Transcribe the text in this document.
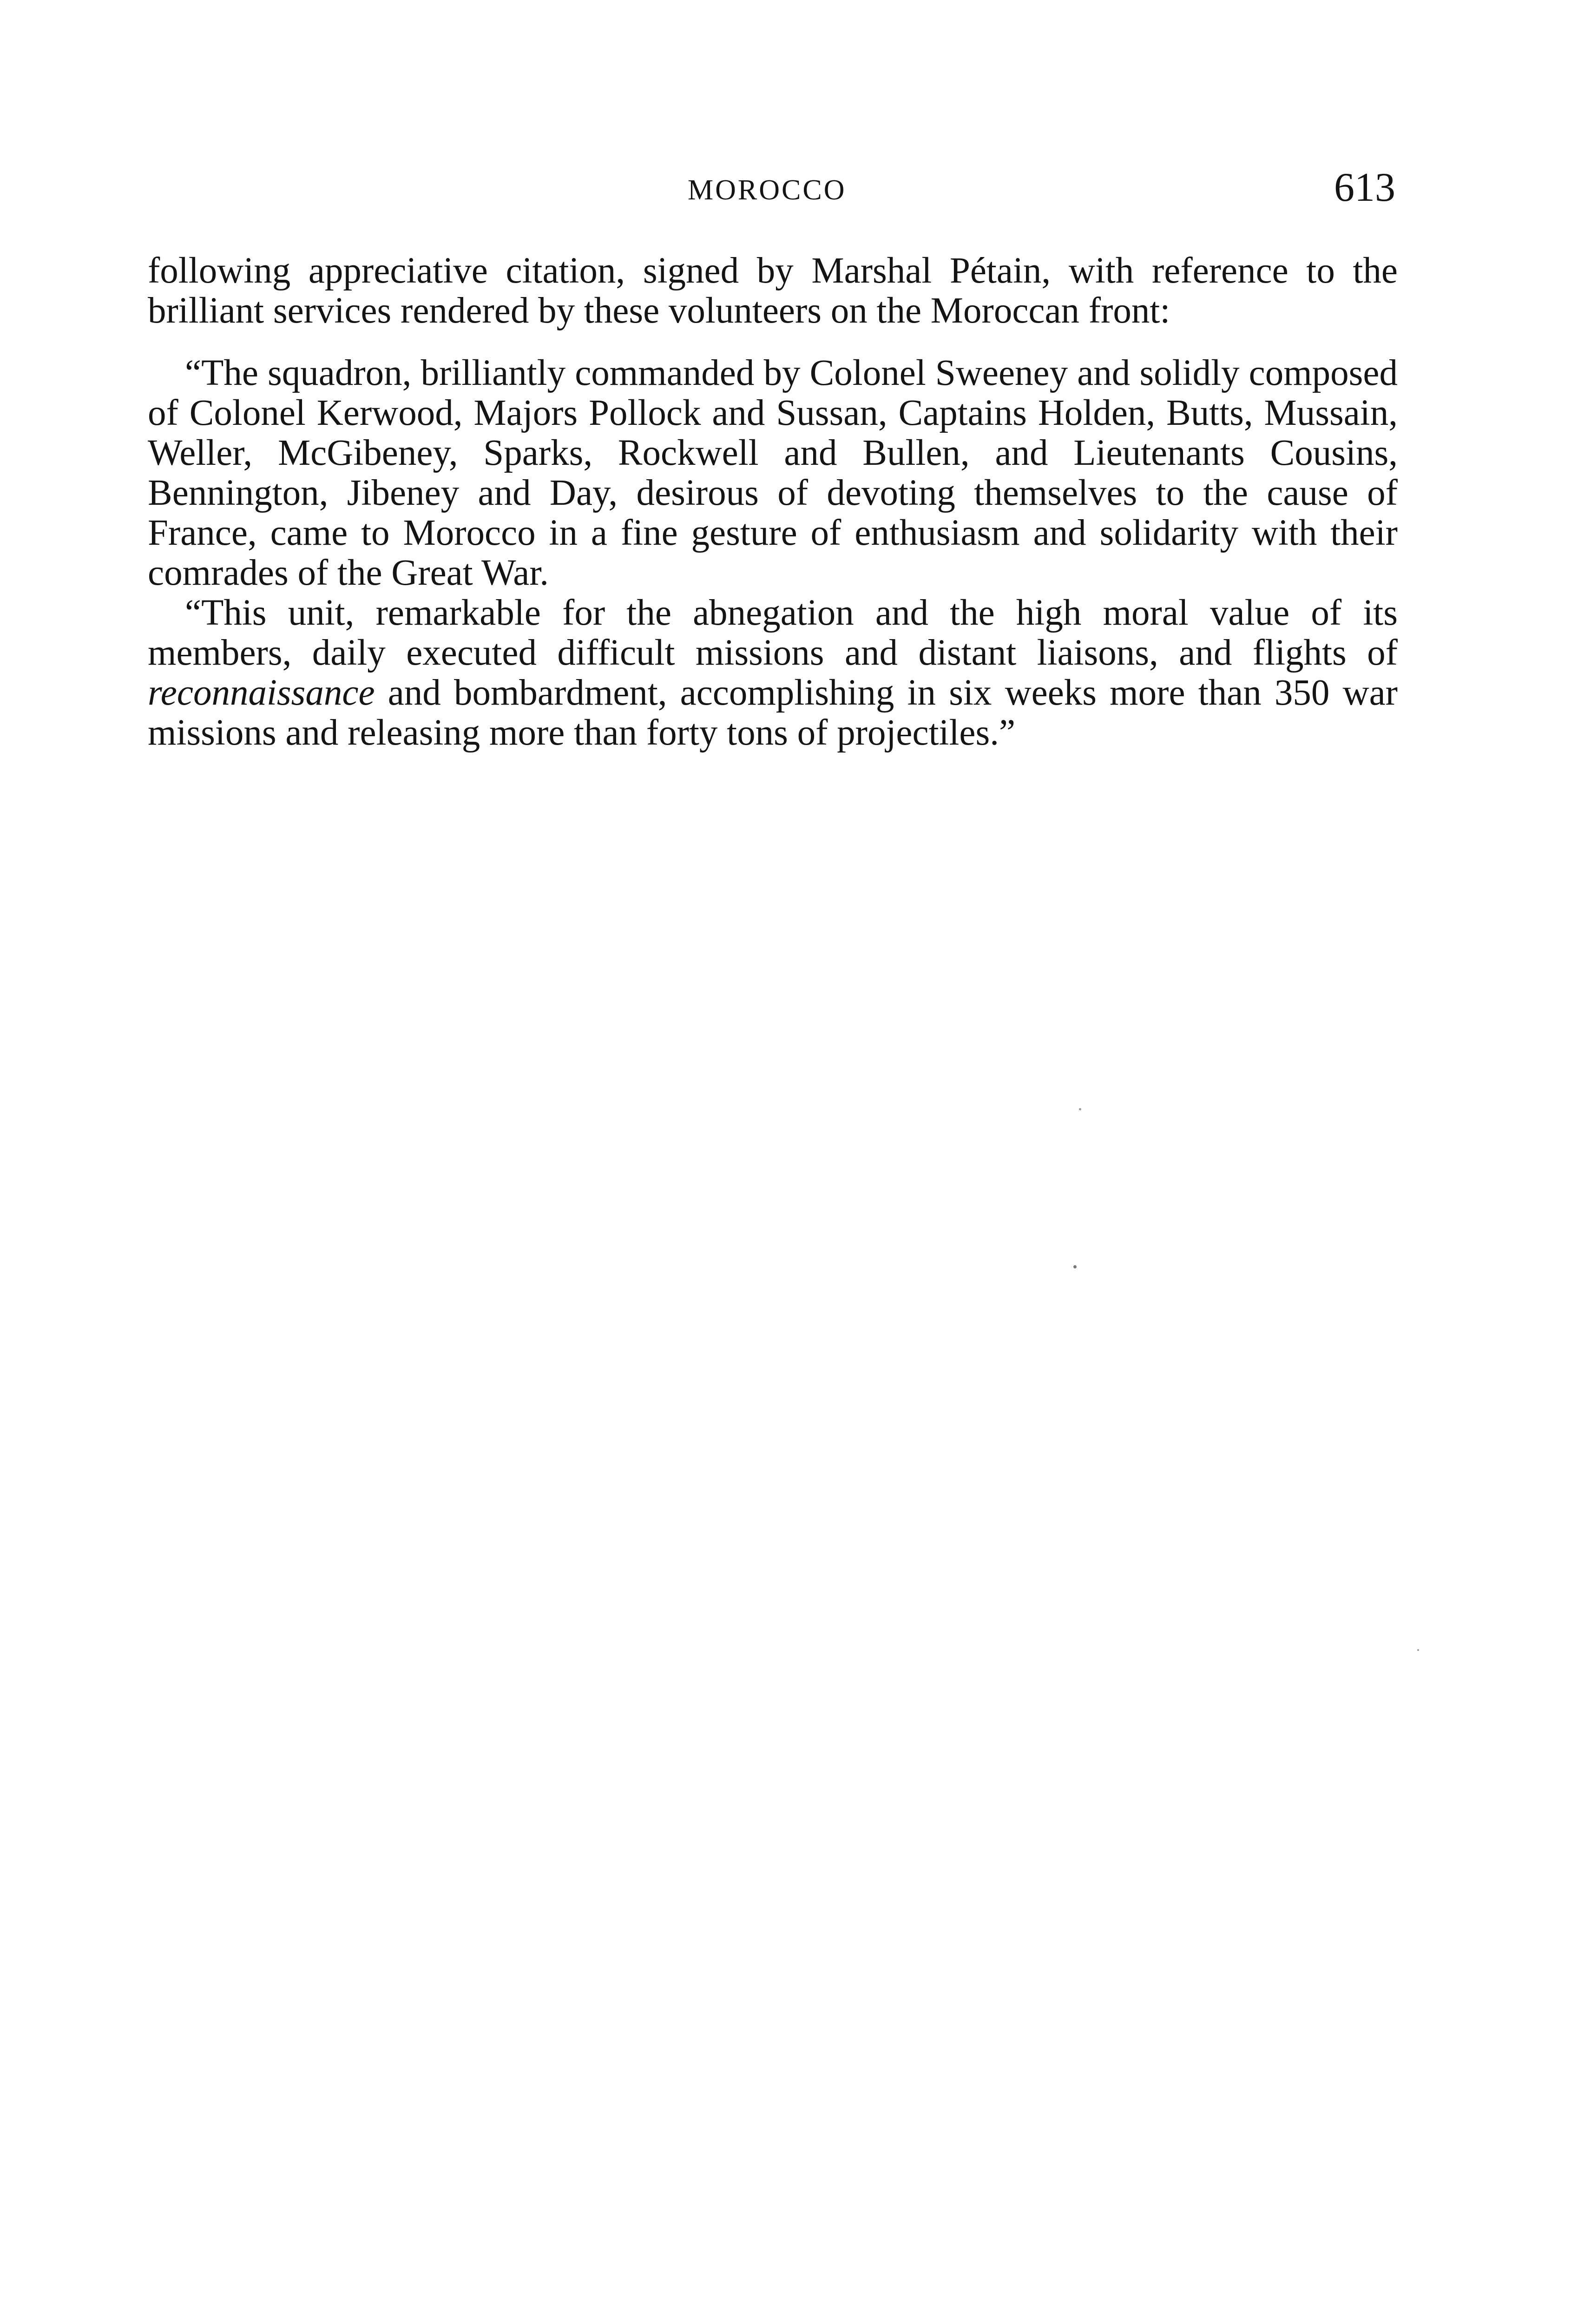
MOROCCO	613

following appreciative citation, signed by Marshal Pétain, with reference to the brilliant services rendered by these volunteers on the Moroccan front:

“The squadron, brilliantly commanded by Colonel Sweeney and solidly composed of Colonel Kerwood, Majors Pollock and Sussan, Captains Holden, Butts, Mussain, Weller, McGibeney, Sparks, Rockwell and Bullen, and Lieutenants Cousins, Bennington, Jibeney and Day, desirous of devoting themselves to the cause of France, came to Morocco in a fine gesture of enthusiasm and solidarity with their comrades of the Great War.

“This unit, remarkable for the abnegation and the high moral value of its members, daily executed difficult missions and distant liaisons, and flights of reconnaissance and bombardment, accomplishing in six weeks more than 350 war missions and releasing more than forty tons of projectiles.”
